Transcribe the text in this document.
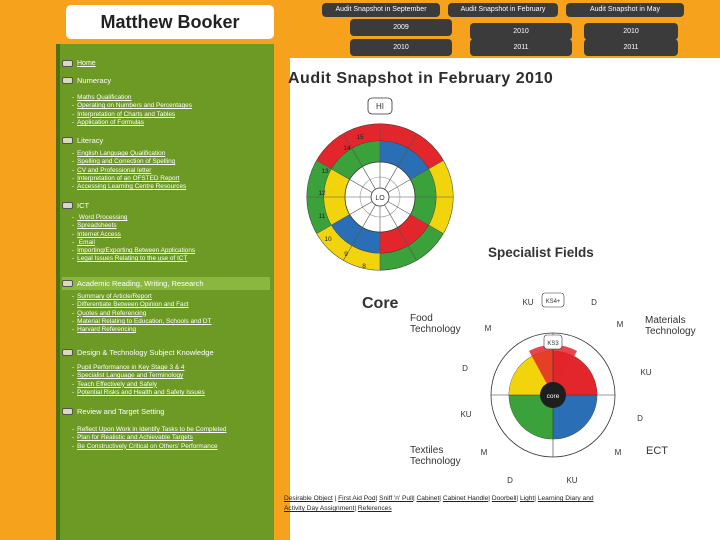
Matthew Booker
Audit Snapshot in September
2009
2010
Audit Snapshot in February
2010
2011
Audit Snapshot in May
2010
2011
Home
Numeracy
- Maths Qualification
- Operating on Numbers and Percentages
- Interpretation of Charts and Tables
- Application of Formulas
Literacy
- English Language Qualification
- Spelling and Correction of Spelling
- CV and Professional letter
- Interpretation of an OFSTED Report
- Accessing Learning Centre Resources
ICT
- Word Processing
- Spreadsheets
- Internet Access
- Email
- Importing/Exporting Between Applications
- Legal Issues Relating to the use of ICT
Academic Reading, Writing, Research
- Summary of Article/Report
- Differentiate Between Opinion and Fact
- Quotes and Referencing
- Material Relating to Education, Schools and DT
- Harvard Referencing
Design & Technology Subject Knowledge
- Pupil Performance in Key Stage 3 & 4
- Specialist Language and Terminology
- Teach Effectively and Safely
- Potential Risks and Health and Safety Issues
Review and Target Setting
- Reflect Upon Work in Identify Tasks to be Completed
- Plan for Realistic and Achievable Targets
- Be Constructively Critical on Others' Performance
Audit Snapshot in February 2010
LO
HI
14
15
13
12
11
10
9
8
Specialist Fields
Core
core
KS4+
KS3
KU	D
M	M
D	KU
KU	D
M	M
D	KU
Food Technology
Materials Technology
Textiles Technology
ECT
Desirable Object | First Aid Pod| Sniff 'n' Pull| Cabinet| Cabinet Handle| Doorbell| Light| Learning Diary and Activity Day Assignment| References
